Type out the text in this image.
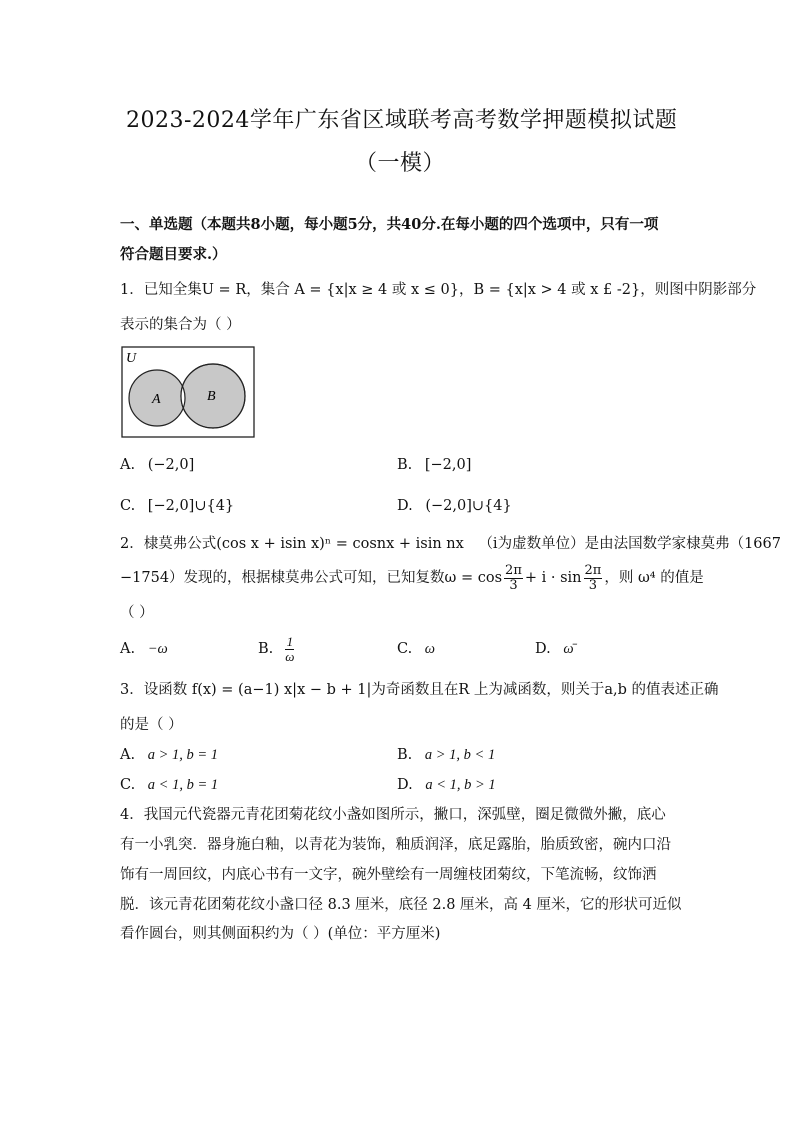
2023-2024学年广东省区域联考高考数学押题模拟试题
（一模）
一、单选题（本题共8小题，每小题5分，共40分.在每小题的四个选项中，只有一项
符合题目要求.）
1．已知全集U = R，集合 A = {x|x ≥ 4 或 x ≤ 0}，B = {x|x > 4 或 x £ -2}，则图中阴影部分
表示的集合为（ ）
U
A	B
A. (−2,0]	B. [−2,0]
C. [−2,0]∪{4}	D. (−2,0]∪{4}
2．棣莫弗公式(cos x + isin x)ⁿ = cosnx + isin nx （i为虚数单位）是由法国数学家棣莫弗（1667
−1754）发现的，根据棣莫弗公式可知，已知复数$\omega = \cos \frac{2\pi}{3} + i \cdot \sin \frac{2\pi}{3}$ ，则 ω⁴ 的值是
（ ）
A. −ω	B. $\frac{1}{\omega}$	C. ω	D. ω̄
3．设函数 f(x) = (a−1) x|x − b + 1|为奇函数且在R 上为减函数，则关于a,b 的值表述正确
的是（ ）
A. a > 1, b = 1	B. a > 1, b < 1
C. a < 1, b = 1	D. a < 1, b > 1
4．我国元代瓷器元青花团菊花纹小盏如图所示，撇口，深弧壁，圈足微微外撇，底心
有一小乳突．器身施白釉，以青花为装饰，釉质润泽，底足露胎，胎质致密，碗内口沿
饰有一周回纹，内底心书有一文字，碗外壁绘有一周缠枝团菊纹，下笔流畅，纹饰洒
脱．该元青花团菊花纹小盏口径 8.3 厘米，底径 2.8 厘米，高 4 厘米，它的形状可近似
看作圆台，则其侧面积约为（ ）(单位：平方厘米)
